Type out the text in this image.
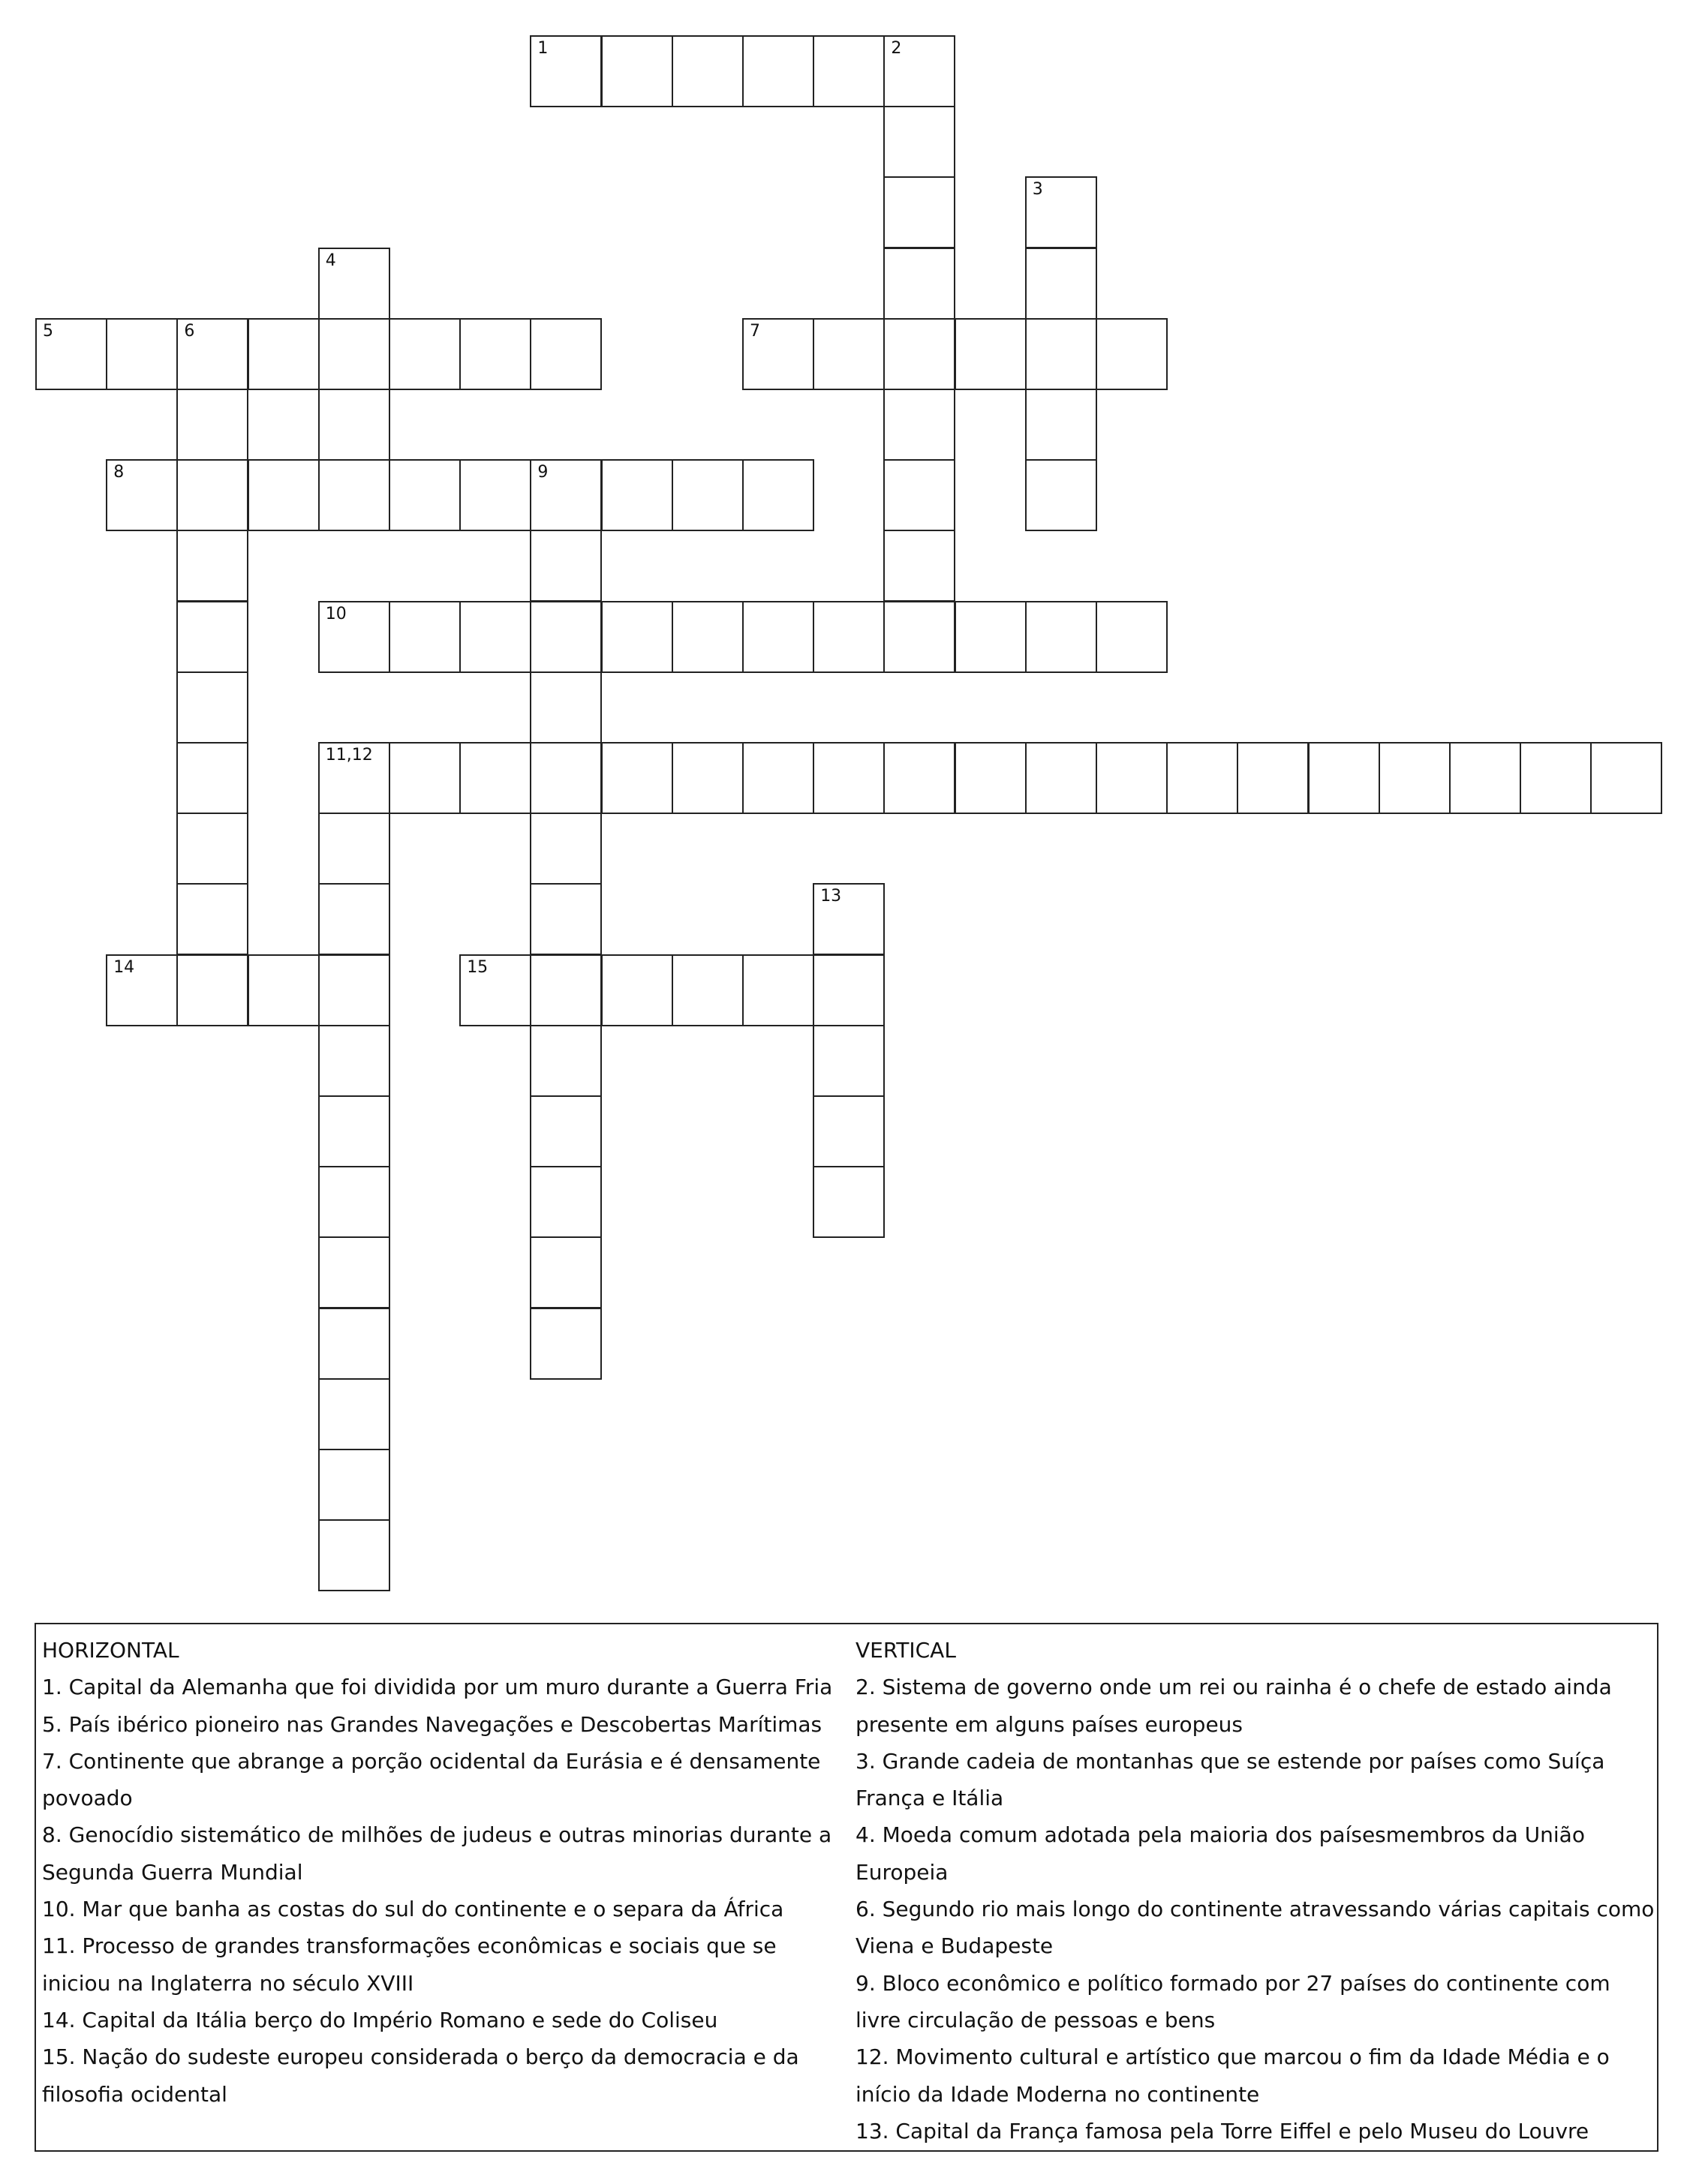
1	2
3
4
5	6	7
8	9
10
11,12
13
14	15
HORIZONTAL
1. Capital da Alemanha que foi dividida por um muro durante a Guerra Fria
5. País ibérico pioneiro nas Grandes Navegações e Descobertas Marítimas
7. Continente que abrange a porção ocidental da Eurásia e é densamente povoado
8. Genocídio sistemático de milhões de judeus e outras minorias durante a Segunda Guerra Mundial
10. Mar que banha as costas do sul do continente e o separa da África
11. Processo de grandes transformações econômicas e sociais que se iniciou na Inglaterra no século XVIII
14. Capital da Itália berço do Império Romano e sede do Coliseu
15. Nação do sudeste europeu considerada o berço da democracia e da filosofia ocidental
VERTICAL
2. Sistema de governo onde um rei ou rainha é o chefe de estado ainda presente em alguns países europeus
3. Grande cadeia de montanhas que se estende por países como Suíça França e Itália
4. Moeda comum adotada pela maioria dos paísesmembros da União Europeia
6. Segundo rio mais longo do continente atravessando várias capitais como Viena e Budapeste
9. Bloco econômico e político formado por 27 países do continente com livre circulação de pessoas e bens
12. Movimento cultural e artístico que marcou o fim da Idade Média e o início da Idade Moderna no continente
13. Capital da França famosa pela Torre Eiffel e pelo Museu do Louvre
